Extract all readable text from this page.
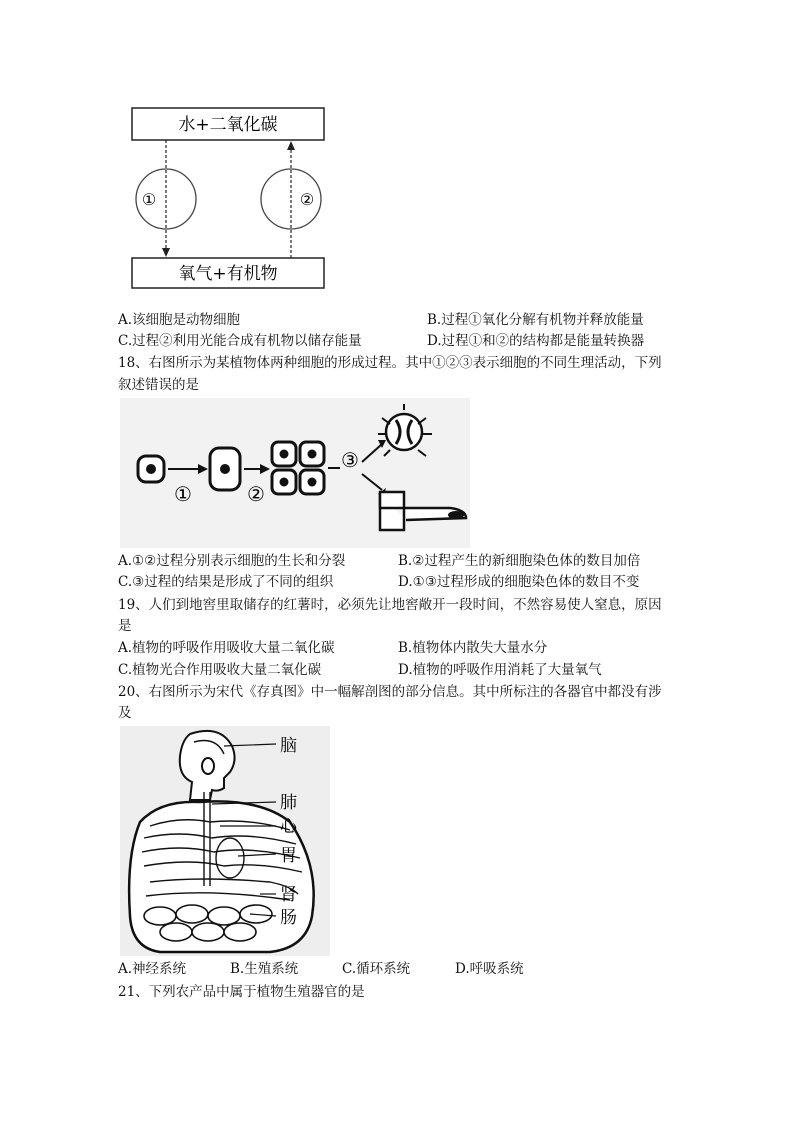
水+二氧化碳
氧气+有机物
①	②
A.该细胞是动物细胞	B.过程①氧化分解有机物并释放能量
C.过程②利用光能合成有机物以储存能量	D.过程①和②的结构都是能量转换器
18、右图所示为某植物体两种细胞的形成过程。其中①②③表示细胞的不同生理活动，下列
叙述错误的是
①	②
③
A.①②过程分别表示细胞的生长和分裂	B.②过程产生的新细胞染色体的数目加倍
C.③过程的结果是形成了不同的组织	D.①③过程形成的细胞染色体的数目不变
19、人们到地窖里取储存的红薯时，必须先让地窖敞开一段时间，不然容易使人窒息，原因
是
A.植物的呼吸作用吸收大量二氧化碳	B.植物体内散失大量水分
C.植物光合作用吸收大量二氧化碳	D.植物的呼吸作用消耗了大量氧气
20、右图所示为宋代《存真图》中一幅解剖图的部分信息。其中所标注的各器官中都没有涉
及
脑
肺
心
胃
肾
肠
A.神经系统	B.生殖系统	C.循环系统	D.呼吸系统
21、下列农产品中属于植物生殖器官的是
